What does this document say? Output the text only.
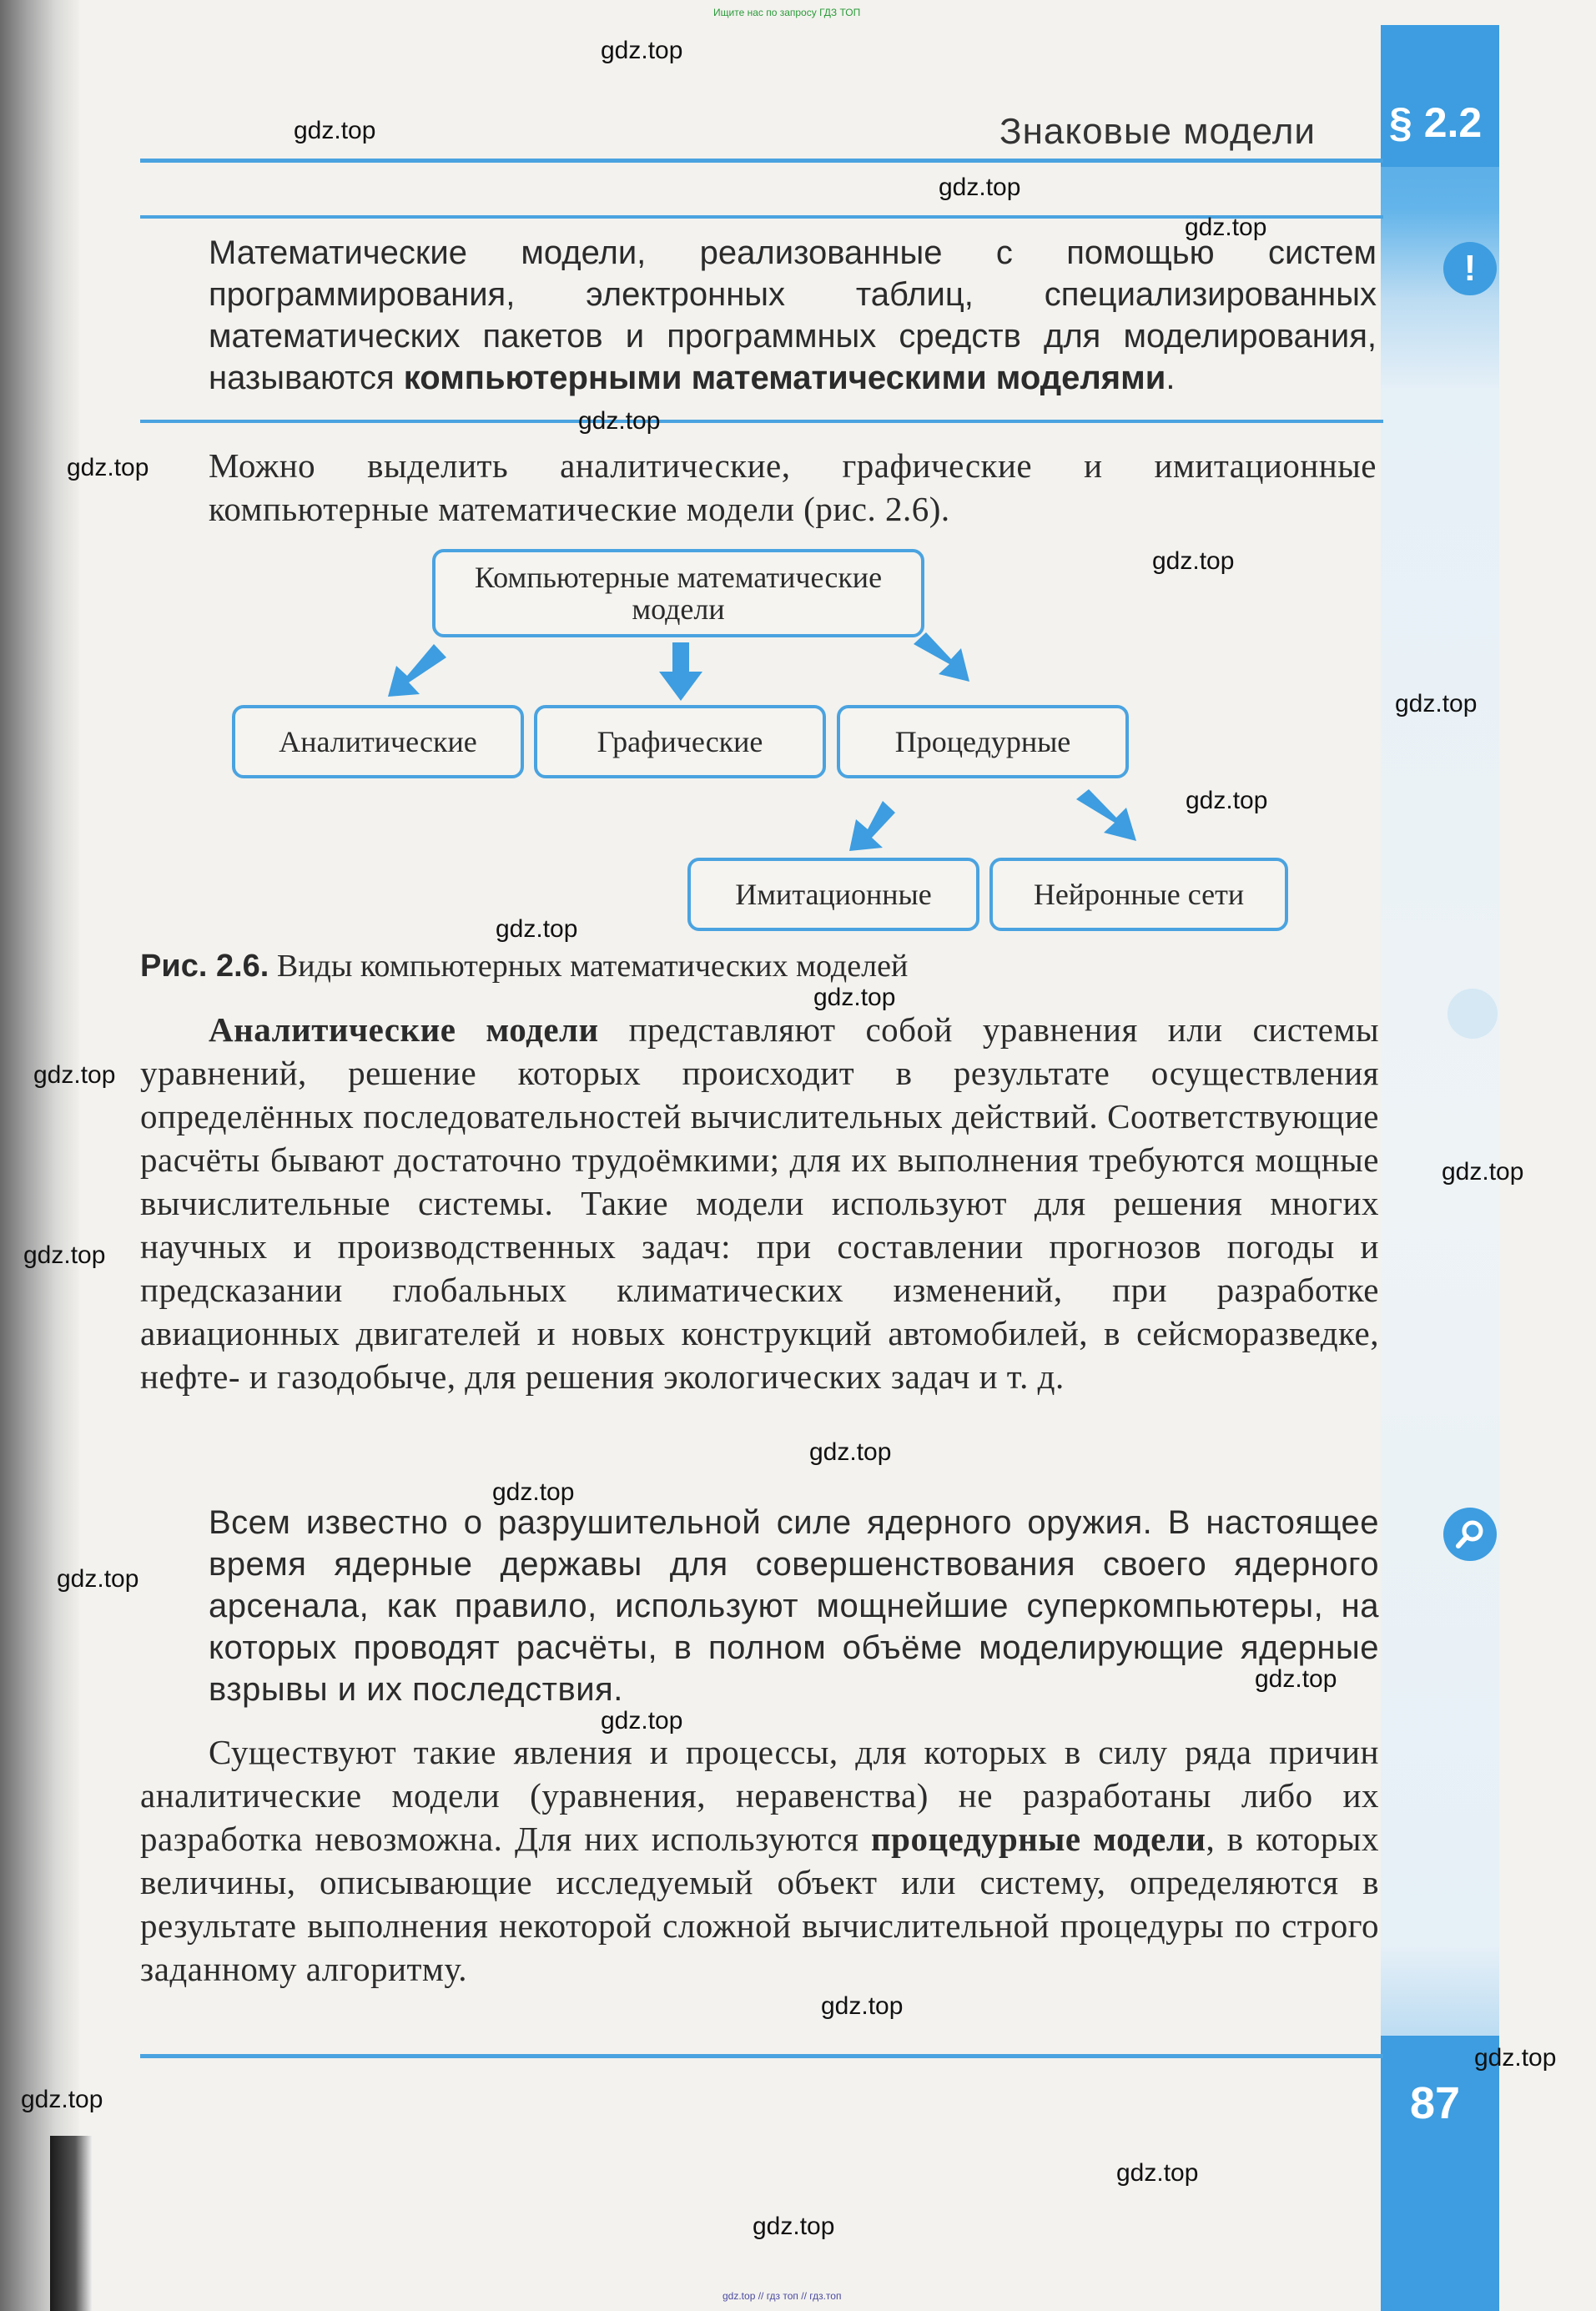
§ 2.2
87
Ищите нас по запросу ГДЗ ТОП
gdz.top // гдз топ // гдз.топ
Знаковые модели
Математические модели, реализованные с помощью систем программирования, электронных таблиц, специализированных математических пакетов и программных средств для моделирования, называются компьютерными математическими моделями.
!
Можно выделить аналитические, графические и имитационные компьютерные математические модели (рис. 2.6).
Компьютерные математические модели
Аналитические	Графические	Процедурные
Имитационные	Нейронные сети
Рис. 2.6. Виды компьютерных математических моделей
Аналитические модели представляют собой уравнения или системы уравнений, решение которых происходит в результате осуществления определённых последовательностей вычислительных действий. Соответствующие расчёты бывают достаточно трудоёмкими; для их выполнения требуются мощные вычислительные системы. Такие модели используют для решения многих научных и производственных задач: при составлении прогнозов погоды и предсказании глобальных климатических изменений, при разработке авиационных двигателей и новых конструкций автомобилей, в сейсморазведке, нефте- и газодобыче, для решения экологических задач и т. д.
Всем известно о разрушительной силе ядерного оружия. В настоящее время ядерные державы для совершенствования своего ядерного арсенала, как правило, используют мощнейшие суперкомпьютеры, на которых проводят расчёты, в полном объёме моделирующие ядерные взрывы и их последствия.
Существуют такие явления и процессы, для которых в силу ряда причин аналитические модели (уравнения, неравенства) не разработаны либо их разработка невозможна. Для них используются процедурные модели, в которых величины, описывающие исследуемый объект или систему, определяются в результате выполнения некоторой сложной вычислительной процедуры по строго заданному алгоритму.
gdz.top
gdz.top
gdz.top
gdz.top
gdz.top
gdz.top
gdz.top
gdz.top
gdz.top
gdz.top
gdz.top
gdz.top
gdz.top
gdz.top
gdz.top
gdz.top
gdz.top
gdz.top
gdz.top
gdz.top
gdz.top
gdz.top
gdz.top
gdz.top
